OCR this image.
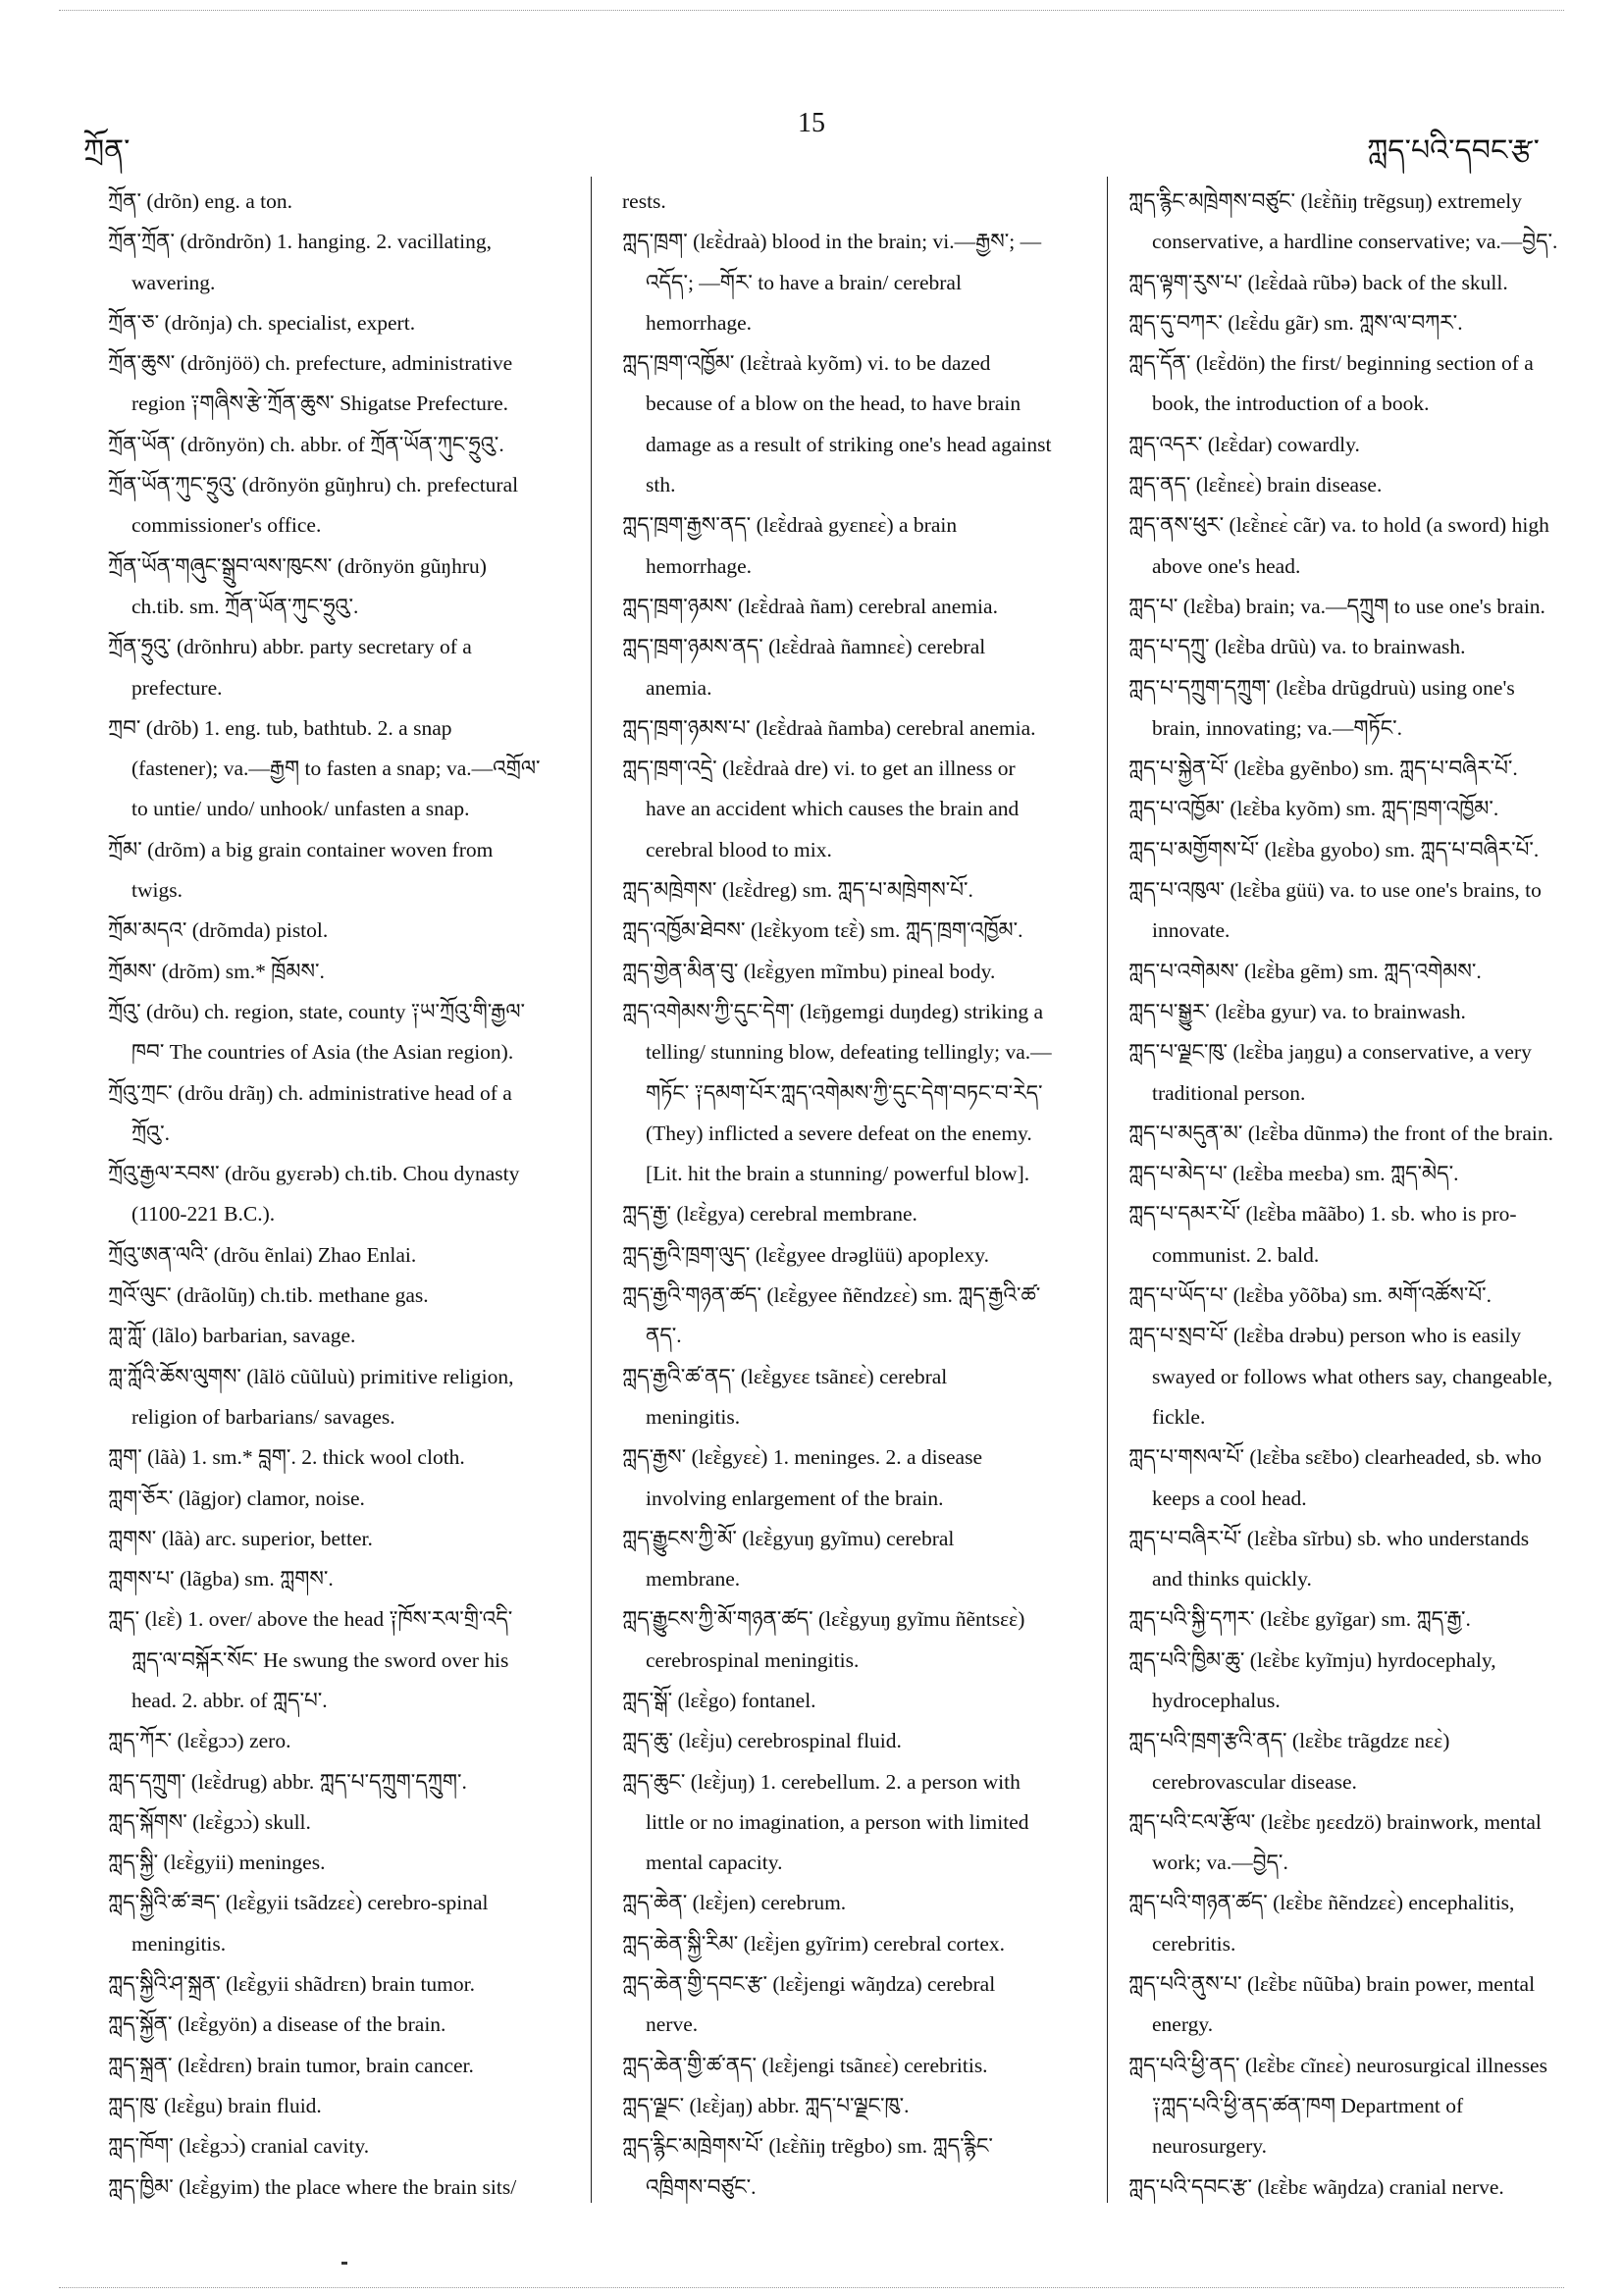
ཀྲོན་
15
ཀླད་པའི་དབང་རྩ་
ཀྲོན་ (drõn) eng. a ton.
ཀྲོན་ཀྲོན་ (drõndrõn) 1. hanging. 2. vacillating,
wavering.
ཀྲོན་ཅ་ (drõnja) ch. specialist, expert.
ཀྲོན་ཆུས་ (drõnjöö) ch. prefecture, administrative
region ༑གཞིས་རྩེ་ཀྲོན་ཆུས་ Shigatse Prefecture.
ཀྲོན་ཡོན་ (drõnyön) ch. abbr. of ཀྲོན་ཡོན་ཀུང་ཧྲུའུ་.
ཀྲོན་ཡོན་ཀུང་ཧྲུའུ་ (drõnyön gũŋhru) ch. prefectural
commissioner's office.
ཀྲོན་ཡོན་གཞུང་སྒྲུབ་ལས་ཁུངས་ (drõnyön gũŋhru)
ch.tib. sm. ཀྲོན་ཡོན་ཀུང་ཧྲུའུ་.
ཀྲོན་ཧྲུའུ་ (drõnhru) abbr. party secretary of a
prefecture.
ཀྲབ་ (drõb) 1. eng. tub, bathtub. 2. a snap
(fastener); va.—རྒྱག to fasten a snap; va.—འགྲོལ་
to untie/ undo/ unhook/ unfasten a snap.
ཀྲོམ་ (drõm) a big grain container woven from
twigs.
ཀྲོམ་མདའ་ (drõmda) pistol.
ཀྲོམས་ (drõm) sm.* ཁྲོམས་.
ཀྲོའུ་ (drõu) ch. region, state, county ༑ཡ་ཀྲོའུ་གི་རྒྱལ་
ཁབ་ The countries of Asia (the Asian region).
ཀྲོའུ་ཀྲང་ (drõu drãŋ) ch. administrative head of a
ཀྲོའུ་.
ཀྲོའུ་རྒྱལ་རབས་ (drõu gyɛrəb) ch.tib. Chou dynasty
(1100-221 B.C.).
ཀྲོའུ་ཨན་ལའི་ (drõu ẽnlai) Zhao Enlai.
ཀྲའོ་ལུང་ (drãolũŋ) ch.tib. methane gas.
ཀླ་ཀློ་ (lãlo) barbarian, savage.
ཀླ་ཀློའི་ཆོས་ལུགས་ (lãlö cũũluù) primitive religion,
religion of barbarians/ savages.
ཀླག་ (lãà) 1. sm.* བླག་. 2. thick wool cloth.
ཀླག་ཅོར་ (lãgjor) clamor, noise.
ཀླགས་ (lãà) arc. superior, better.
ཀླགས་པ་ (lãgba) sm. ཀླགས་.
ཀླད་ (lɛ̃ɛ̀) 1. over/ above the head ༑ཁོས་རལ་གྲི་འདི་
ཀླད་ལ་བསྐོར་སོང་ He swung the sword over his
head. 2. abbr. of ཀླད་པ་.
ཀླད་ཀོར་ (lɛ̃ɛ̀gɔɔ) zero.
ཀླད་དཀྲུག་ (lɛ̃ɛ̀drug) abbr. ཀླད་པ་དཀྲུག་དཀྲུག་.
ཀླད་སྐོགས་ (lɛ̃ɛ̀gɔɔ̀) skull.
ཀླད་སྐྱི་ (lɛ̃ɛ̀gyii) meninges.
ཀླད་སྐྱིའི་ཚ་ཟད་ (lɛ̃ɛ̀gyii tsãdzɛɛ̀) cerebro-spinal
meningitis.
ཀླད་སྐྱིའི་ཤ་སྐྲན་ (lɛ̃ɛ̀gyii shãdrɛn) brain tumor.
ཀླད་སྐྱོན་ (lɛ̃ɛ̀gyön) a disease of the brain.
ཀླད་སྐྲན་ (lɛ̃ɛ̀drɛn) brain tumor, brain cancer.
ཀླད་ཁུ་ (lɛ̃ɛ̀gu) brain fluid.
ཀླད་ཁོག་ (lɛ̃ɛ̀gɔɔ̀) cranial cavity.
ཀླད་ཁྱིམ་ (lɛ̃ɛ̀gyim) the place where the brain sits/
rests.
ཀླད་ཁྲག་ (lɛ̃ɛ̀draà) blood in the brain; vi.—རྒྱས་; —
འདོད་; —གོར་ to have a brain/ cerebral
hemorrhage.
ཀླད་ཁྲག་འཁྱོམ་ (lɛ̃ɛ̀traà kyõm) vi. to be dazed
because of a blow on the head, to have brain
damage as a result of striking one's head against
sth.
ཀླད་ཁྲག་རྒྱས་ནད་ (lɛ̃ɛ̀draà gyɛnɛɛ̀) a brain
hemorrhage.
ཀླད་ཁྲག་ཉམས་ (lɛ̃ɛ̀draà ñam) cerebral anemia.
ཀླད་ཁྲག་ཉམས་ནད་ (lɛ̃ɛ̀draà ñamnɛɛ̀) cerebral
anemia.
ཀླད་ཁྲག་ཉམས་པ་ (lɛ̃ɛ̀draà ñamba) cerebral anemia.
ཀླད་ཁྲག་འདྲེ་ (lɛ̃ɛ̀draà dre) vi. to get an illness or
have an accident which causes the brain and
cerebral blood to mix.
ཀླད་མཁྲེགས་ (lɛ̃ɛ̀dreg) sm. ཀླད་པ་མཁྲེགས་པོ་.
ཀླད་འཁྱོམ་ཐེབས་ (lɛ̃ɛ̀kyom tɛ̃ɛ̀) sm. ཀླད་ཁྲག་འཁྱོམ་.
ཀླད་གྱེན་མིན་བུ་ (lɛ̃ɛ̀gyen mĩmbu) pineal body.
ཀླད་འགེམས་ཀྱི་དུང་དེག་ (lɛ̃ŋgemgi duŋdeg) striking a
telling/ stunning blow, defeating tellingly; va.—
གཏོང་ ༑དམག་པོར་ཀླད་འགེམས་ཀྱི་དུང་དེག་བཏང་བ་རེད་
(They) inflicted a severe defeat on the enemy.
[Lit. hit the brain a stunning/ powerful blow].
ཀླད་རྒྱ་ (lɛ̃ɛ̀gya) cerebral membrane.
ཀླད་རྒྱའི་ཁྲག་ལུད་ (lɛ̃ɛ̀gyee drəglüü) apoplexy.
ཀླད་རྒྱའི་གཉན་ཚད་ (lɛ̃ɛ̀gyee ñẽndzɛɛ̀) sm. ཀླད་རྒྱའི་ཚ་
ནད་.
ཀླད་རྒྱའི་ཚ་ནད་ (lɛ̃ɛ̀gyɛɛ tsãnɛɛ̀) cerebral
meningitis.
ཀླད་རྒྱས་ (lɛ̃ɛ̀gyɛɛ̀) 1. meninges. 2. a disease
involving enlargement of the brain.
ཀླད་རྒྱུངས་ཀྱི་མོ་ (lɛ̃ɛ̀gyuŋ gyĩmu) cerebral
membrane.
ཀླད་རྒྱུངས་ཀྱི་མོ་གཉན་ཚད་ (lɛ̃ɛ̀gyuŋ gyĩmu ñẽntsɛɛ̀)
cerebrospinal meningitis.
ཀླད་སྒོ་ (lɛ̃ɛ̀go) fontanel.
ཀླད་ཆུ་ (lɛ̃ɛ̀ju) cerebrospinal fluid.
ཀླད་ཆུང་ (lɛ̃ɛ̀juŋ) 1. cerebellum. 2. a person with
little or no imagination, a person with limited
mental capacity.
ཀླད་ཆེན་ (lɛ̃ɛ̀jen) cerebrum.
ཀླད་ཆེན་སྐྱི་རིམ་ (lɛ̃ɛ̀jen gyĩrim) cerebral cortex.
ཀླད་ཆེན་གྱི་དབང་རྩ་ (lɛ̃ɛ̀jengi wãŋdza) cerebral
nerve.
ཀླད་ཆེན་གྱི་ཚ་ནད་ (lɛ̃ɛ̀jengi tsãnɛɛ̀) cerebritis.
ཀླད་ལྗང་ (lɛ̃ɛ̀jaŋ) abbr. ཀླད་པ་ལྗང་ཁུ་.
ཀླད་རྙིང་མཁྲེགས་པོ་ (lɛ̃ɛ̀ñiŋ trẽgbo) sm. ཀླད་རྙིང་
འཁྲིགས་བཙུང་.
ཀླད་རྙིང་མཁྲེགས་བཙུང་ (lɛ̃ɛ̀ñiŋ trẽgsuŋ) extremely
conservative, a hardline conservative; va.—བྱེད་.
ཀླད་ལྟག་རུས་པ་ (lɛ̃ɛ̀daà rũbə) back of the skull.
ཀླད་དུ་བཀར་ (lɛ̃ɛ̀du gãr) sm. ཀླས་ལ་བཀར་.
ཀླད་དོན་ (lɛ̃ɛ̀dön) the first/ beginning section of a
book, the introduction of a book.
ཀླད་འདར་ (lɛ̃ɛ̀dar) cowardly.
ཀླད་ནད་ (lɛ̃ɛ̀nɛɛ̀) brain disease.
ཀླད་ནས་ཕུར་ (lɛ̃ɛ̀nɛɛ̀ cãr) va. to hold (a sword) high
above one's head.
ཀླད་པ་ (lɛ̃ɛ̀ba) brain; va.—དཀྲུག to use one's brain.
ཀླད་པ་དཀྲུ་ (lɛ̃ɛ̀ba drũù) va. to brainwash.
ཀླད་པ་དཀྲུག་དཀྲུག་ (lɛ̃ɛ̀ba drũgdruù) using one's
brain, innovating; va.—གཏོང་.
ཀླད་པ་སྐྱེན་པོ་ (lɛ̃ɛ̀ba gyẽnbo) sm. ཀླད་པ་བཞིར་པོ་.
ཀླད་པ་འཁྱོམ་ (lɛ̃ɛ̀ba kyõm) sm. ཀླད་ཁྲག་འཁྱོམ་.
ཀླད་པ་མགྱོགས་པོ་ (lɛ̃ɛ̀ba gyobo) sm. ཀླད་པ་བཞིར་པོ་.
ཀླད་པ་འཁུལ་ (lɛ̃ɛ̀ba güü) va. to use one's brains, to
innovate.
ཀླད་པ་འགེམས་ (lɛ̃ɛ̀ba gẽm) sm. ཀླད་འགེམས་.
ཀླད་པ་སྒྱུར་ (lɛ̃ɛ̀ba gyur) va. to brainwash.
ཀླད་པ་ལྗང་ཁུ་ (lɛ̃ɛ̀ba jaŋgu) a conservative, a very
traditional person.
ཀླད་པ་མདུན་མ་ (lɛ̃ɛ̀ba dũnmə) the front of the brain.
ཀླད་པ་མེད་པ་ (lɛ̃ɛ̀ba meɛba) sm. ཀླད་མེད་.
ཀླད་པ་དམར་པོ་ (lɛ̃ɛ̀ba mããbo) 1. sb. who is pro-
communist. 2. bald.
ཀླད་པ་ཡོད་པ་ (lɛ̃ɛ̀ba yõõba) sm. མགོ་འཚོས་པོ་.
ཀླད་པ་སྲབ་པོ་ (lɛ̃ɛ̀ba drəbu) person who is easily
swayed or follows what others say, changeable,
fickle.
ཀླད་པ་གསལ་པོ་ (lɛ̃ɛ̀ba sɛ̃ɛbo) clearheaded, sb. who
keeps a cool head.
ཀླད་པ་བཞིར་པོ་ (lɛ̃ɛ̀ba sĩrbu) sb. who understands
and thinks quickly.
ཀླད་པའི་སྐྱི་དཀར་ (lɛ̃ɛ̀bɛ gyĩgar) sm. ཀླད་རྒྱ་.
ཀླད་པའི་ཁྱིམ་ཆུ་ (lɛ̃ɛ̀bɛ kyĩmju) hyrdocephaly,
hydrocephalus.
ཀླད་པའི་ཁྲག་རྩའི་ནད་ (lɛ̃ɛ̀bɛ trãgdzɛ nɛɛ̀)
cerebrovascular disease.
ཀླད་པའི་ངལ་རྩོལ་ (lɛ̃ɛ̀bɛ ŋɛɛdzö) brainwork, mental
work; va.—བྱེད་.
ཀླད་པའི་གཉན་ཚད་ (lɛ̃ɛ̀bɛ ñẽndzɛɛ̀) encephalitis,
cerebritis.
ཀླད་པའི་ནུས་པ་ (lɛ̃ɛ̀bɛ nũũba) brain power, mental
energy.
ཀླད་པའི་ཕྱི་ནད་ (lɛ̃ɛ̀bɛ cĩnɛɛ̀) neurosurgical illnesses
༑ཀླད་པའི་ཕྱི་ནད་ཚན་ཁག Department of
neurosurgery.
ཀླད་པའི་དབང་རྩ་ (lɛ̃ɛ̀bɛ wãŋdza) cranial nerve.
